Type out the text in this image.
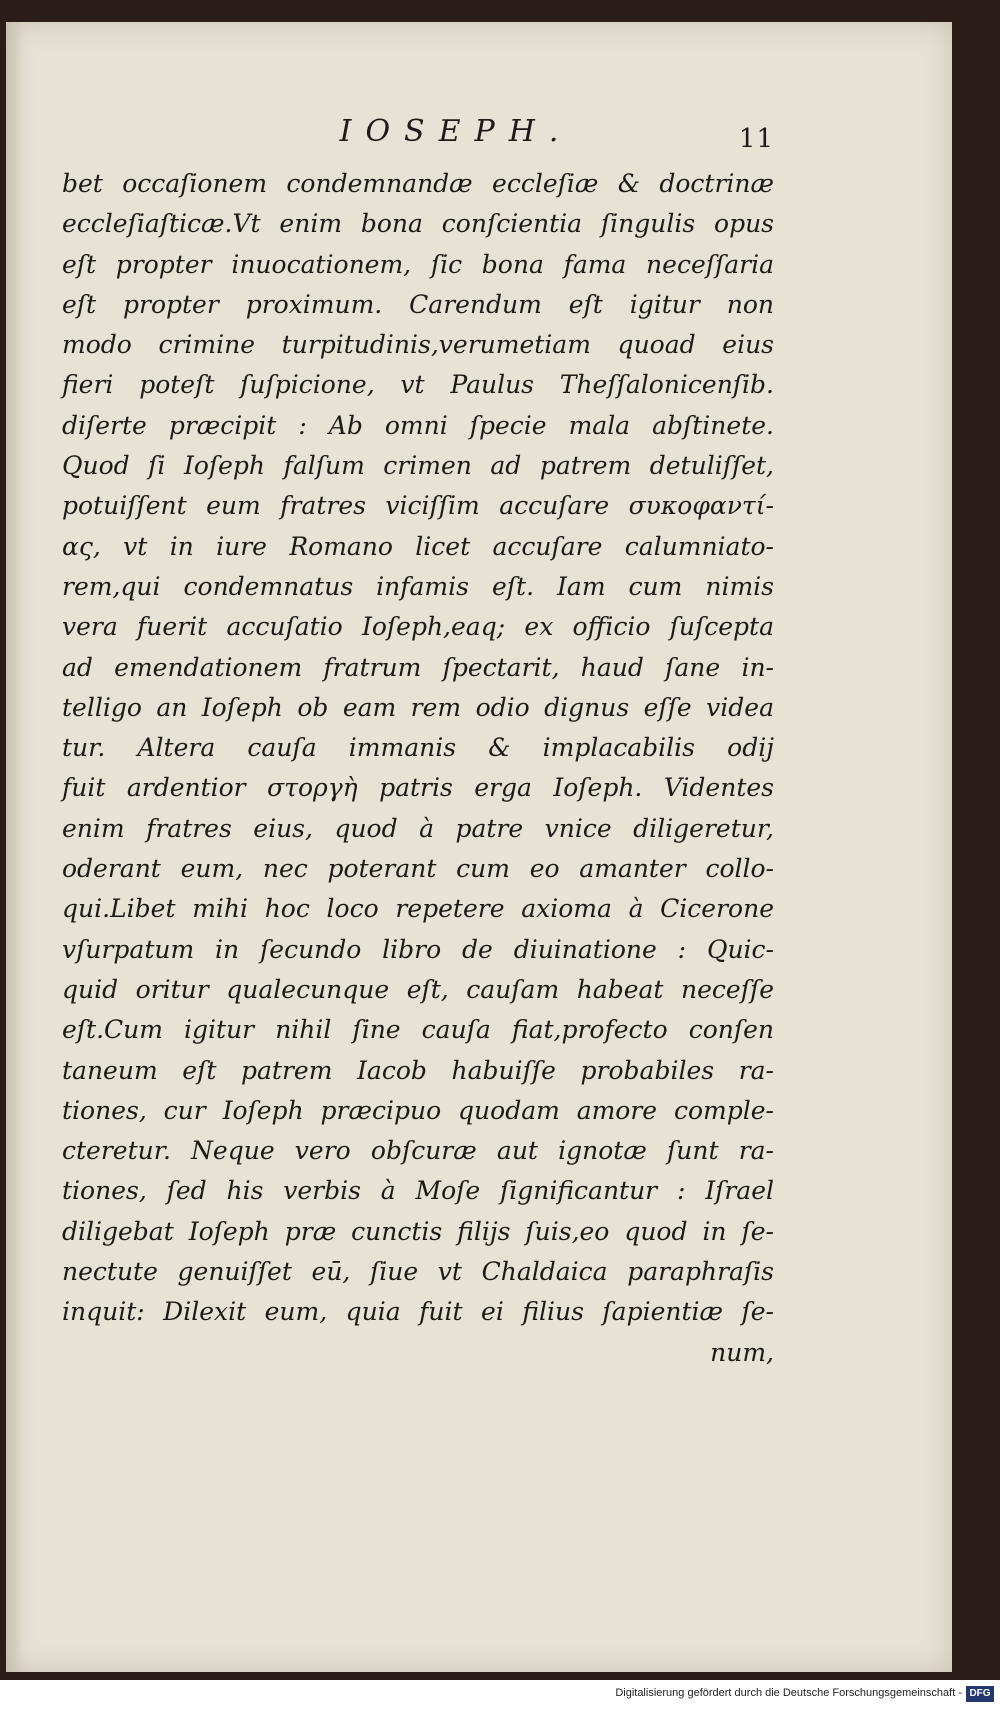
IOSEPH.	11
bet occaſionem condemnandæ eccleſiæ & doctrinæ
eccleſiaſticæ.Vt enim bona conſcientia ſingulis opus
eſt propter inuocationem, ſic bona fama neceſſaria
eſt propter proximum. Carendum eſt igitur non
modo crimine turpitudinis,verumetiam quoad eius
fieri poteſt ſuſpicione, vt Paulus Theſſalonicenſib.
diſerte præcipit : Ab omni ſpecie mala abſtinete.
Quod ſi Ioſeph falſum crimen ad patrem detuliſſet,
potuiſſent eum fratres viciſſim accuſare συκοφαντί-
ας, vt in iure Romano licet accuſare calumniato-
rem,qui condemnatus infamis eſt. Iam cum nimis
vera fuerit accuſatio Ioſeph,eaq; ex officio ſuſcepta
ad emendationem fratrum ſpectarit, haud ſane in-
telligo an Ioſeph ob eam rem odio dignus eſſe videa
tur. Altera cauſa immanis & implacabilis odij
fuit ardentior στοργὴ patris erga Ioſeph. Videntes
enim fratres eius, quod à patre vnice diligeretur,
oderant eum, nec poterant cum eo amanter collo-
qui.Libet mihi hoc loco repetere axioma à Cicerone
vſurpatum in ſecundo libro de diuinatione : Quic-
quid oritur qualecunque eſt, cauſam habeat neceſſe
eſt.Cum igitur nihil ſine cauſa fiat,profecto conſen
taneum eſt patrem Iacob habuiſſe probabiles ra-
tiones, cur Ioſeph præcipuo quodam amore comple-
cteretur. Neque vero obſcuræ aut ignotæ ſunt ra-
tiones, ſed his verbis à Moſe ſignificantur : Iſrael
diligebat Ioſeph præ cunctis filijs ſuis,eo quod in ſe-
nectute genuiſſet eū, ſiue vt Chaldaica paraphraſis
inquit: Dilexit eum, quia fuit ei filius ſapientiæ ſe-
num,
Digitalisierung gefördert durch die Deutsche Forschungsgemeinschaft - DFG
